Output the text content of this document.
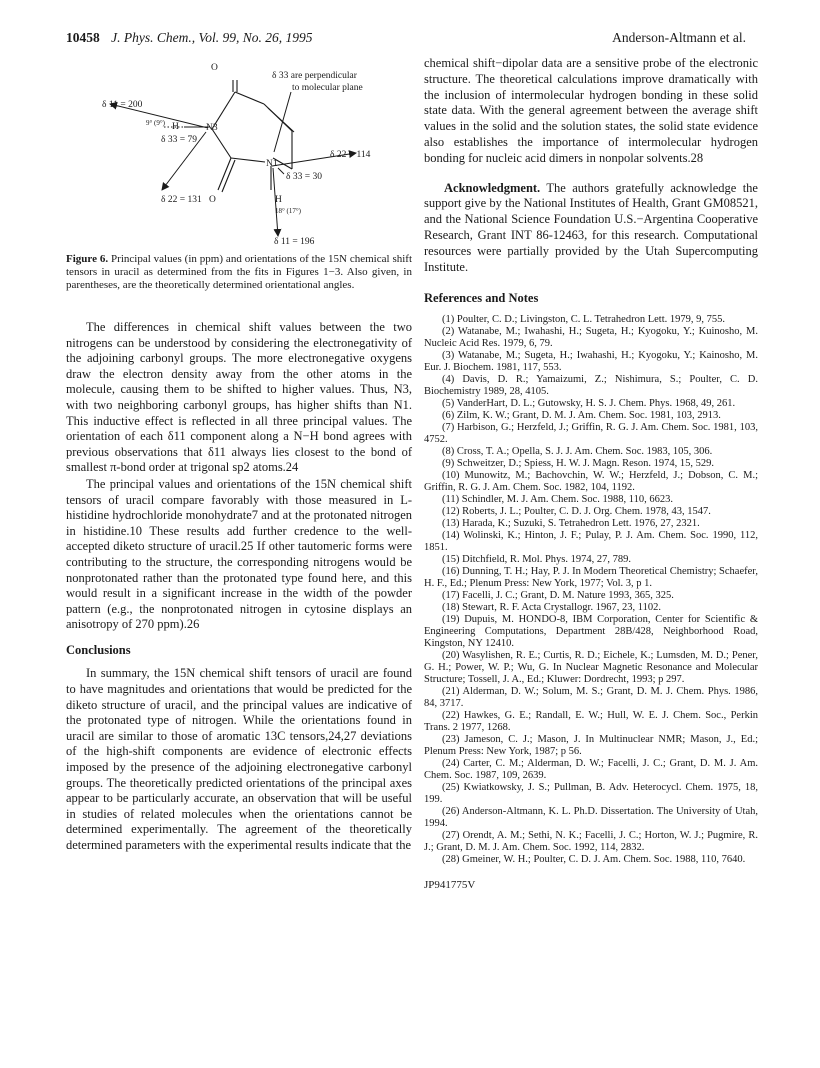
10458 J. Phys. Chem., Vol. 99, No. 26, 1995	Anderson-Altmann et al.
O
δ 33 are perpendicular
to molecular plane
δ 11 = 200
9° (9°) H	N3
δ 33 = 79
δ 22 = 114
N1
δ 33 = 30
δ 22 = 131 O	H
18° (17°)
δ 11 = 196
Figure 6. Principal values (in ppm) and orientations of the 15N chemical shift tensors in uracil as determined from the fits in Figures 1−3. Also given, in parentheses, are the theoretically determined orientational angles.

The differences in chemical shift values between the two nitrogens can be understood by considering the electronegativity of the adjoining carbonyl groups. The more electronegative oxygens draw the electron density away from the other atoms in the molecule, causing them to be shifted to higher values. Thus, N3, with two neighboring carbonyl groups, has higher shifts than N1. This inductive effect is reflected in all three principal values. The orientation of each δ11 component along a N−H bond agrees with previous observations that δ11 always lies closest to the bond of smallest π-bond order at trigonal sp2 atoms.24

The principal values and orientations of the 15N chemical shift tensors of uracil compare favorably with those measured in L-histidine hydrochloride monohydrate7 and at the protonated nitrogen in histidine.10 These results add further credence to the well-accepted diketo structure of uracil.25 If other tautomeric forms were contributing to the structure, the corresponding nitrogens would be nonprotonated rather than the protonated type found here, and this would result in a significant increase in the width of the powder pattern (e.g., the nonprotonated nitrogen in cytosine displays an anisotropy of 270 ppm).26

Conclusions

In summary, the 15N chemical shift tensors of uracil are found to have magnitudes and orientations that would be predicted for the diketo structure of uracil, and the principal values are indicative of the protonated type of nitrogen. While the orientations found in uracil are similar to those of aromatic 13C tensors,24,27 deviations of the high-shift components are evidence of electronic effects imposed by the presence of the adjoining electronegative carbonyl groups. The theoretically predicted orientations of the principal axes appear to be particularly accurate, an observation that will be useful in studies of related molecules when the orientations cannot be determined experimentally. The agreement of the theoretically determined parameters with the experimental results indicate that the

chemical shift−dipolar data are a sensitive probe of the electronic structure. The theoretical calculations improve dramatically with the inclusion of intermolecular hydrogen bonding in these solid state data. With the general agreement between the average shift values in the solid and the solution states, the solid state evidence also establishes the importance of intermolecular hydrogen bonding for nucleic acid dimers in nonpolar solvents.28

Acknowledgment. The authors gratefully acknowledge the support give by the National Institutes of Health, Grant GM08521, and the National Science Foundation U.S.−Argentina Cooperative Research, Grant INT 86-12463, for this research. Computational resources were partially provided by the Utah Supercomputing Institute.

References and Notes
(1) Poulter, C. D.; Livingston, C. L. Tetrahedron Lett. 1979, 9, 755.
(2) Watanabe, M.; Iwahashi, H.; Sugeta, H.; Kyogoku, Y.; Kuinosho, M. Nucleic Acid Res. 1979, 6, 79.
(3) Watanabe, M.; Sugeta, H.; Iwahashi, H.; Kyogoku, Y.; Kainosho, M. Eur. J. Biochem. 1981, 117, 553.
(4) Davis, D. R.; Yamaizumi, Z.; Nishimura, S.; Poulter, C. D. Biochemistry 1989, 28, 4105.
(5) VanderHart, D. L.; Gutowsky, H. S. J. Chem. Phys. 1968, 49, 261.
(6) Zilm, K. W.; Grant, D. M. J. Am. Chem. Soc. 1981, 103, 2913.
(7) Harbison, G.; Herzfeld, J.; Griffin, R. G. J. Am. Chem. Soc. 1981, 103, 4752.
(8) Cross, T. A.; Opella, S. J. J. Am. Chem. Soc. 1983, 105, 306.
(9) Schweitzer, D.; Spiess, H. W. J. Magn. Reson. 1974, 15, 529.
(10) Munowitz, M.; Bachovchin, W. W.; Herzfeld, J.; Dobson, C. M.; Griffin, R. G. J. Am. Chem. Soc. 1982, 104, 1192.
(11) Schindler, M. J. Am. Chem. Soc. 1988, 110, 6623.
(12) Roberts, J. L.; Poulter, C. D. J. Org. Chem. 1978, 43, 1547.
(13) Harada, K.; Suzuki, S. Tetrahedron Lett. 1976, 27, 2321.
(14) Wolinski, K.; Hinton, J. F.; Pulay, P. J. Am. Chem. Soc. 1990, 112, 1851.
(15) Ditchfield, R. Mol. Phys. 1974, 27, 789.
(16) Dunning, T. H.; Hay, P. J. In Modern Theoretical Chemistry; Schaefer, H. F., Ed.; Plenum Press: New York, 1977; Vol. 3, p 1.
(17) Facelli, J. C.; Grant, D. M. Nature 1993, 365, 325.
(18) Stewart, R. F. Acta Crystallogr. 1967, 23, 1102.
(19) Dupuis, M. HONDO-8, IBM Corporation, Center for Scientific & Engineering Computations, Department 28B/428, Neighborhood Road, Kingston, NY 12410.
(20) Wasylishen, R. E.; Curtis, R. D.; Eichele, K.; Lumsden, M. D.; Pener, G. H.; Power, W. P.; Wu, G. In Nuclear Magnetic Resonance and Molecular Structure; Tossell, J. A., Ed.; Kluwer: Dordrecht, 1993; p 297.
(21) Alderman, D. W.; Solum, M. S.; Grant, D. M. J. Chem. Phys. 1986, 84, 3717.
(22) Hawkes, G. E.; Randall, E. W.; Hull, W. E. J. Chem. Soc., Perkin Trans. 2 1977, 1268.
(23) Jameson, C. J.; Mason, J. In Multinuclear NMR; Mason, J., Ed.; Plenum Press: New York, 1987; p 56.
(24) Carter, C. M.; Alderman, D. W.; Facelli, J. C.; Grant, D. M. J. Am. Chem. Soc. 1987, 109, 2639.
(25) Kwiatkowsky, J. S.; Pullman, B. Adv. Heterocycl. Chem. 1975, 18, 199.
(26) Anderson-Altmann, K. L. Ph.D. Dissertation. The University of Utah, 1994.
(27) Orendt, A. M.; Sethi, N. K.; Facelli, J. C.; Horton, W. J.; Pugmire, R. J.; Grant, D. M. J. Am. Chem. Soc. 1992, 114, 2832.
(28) Gmeiner, W. H.; Poulter, C. D. J. Am. Chem. Soc. 1988, 110, 7640.
JP941775V
